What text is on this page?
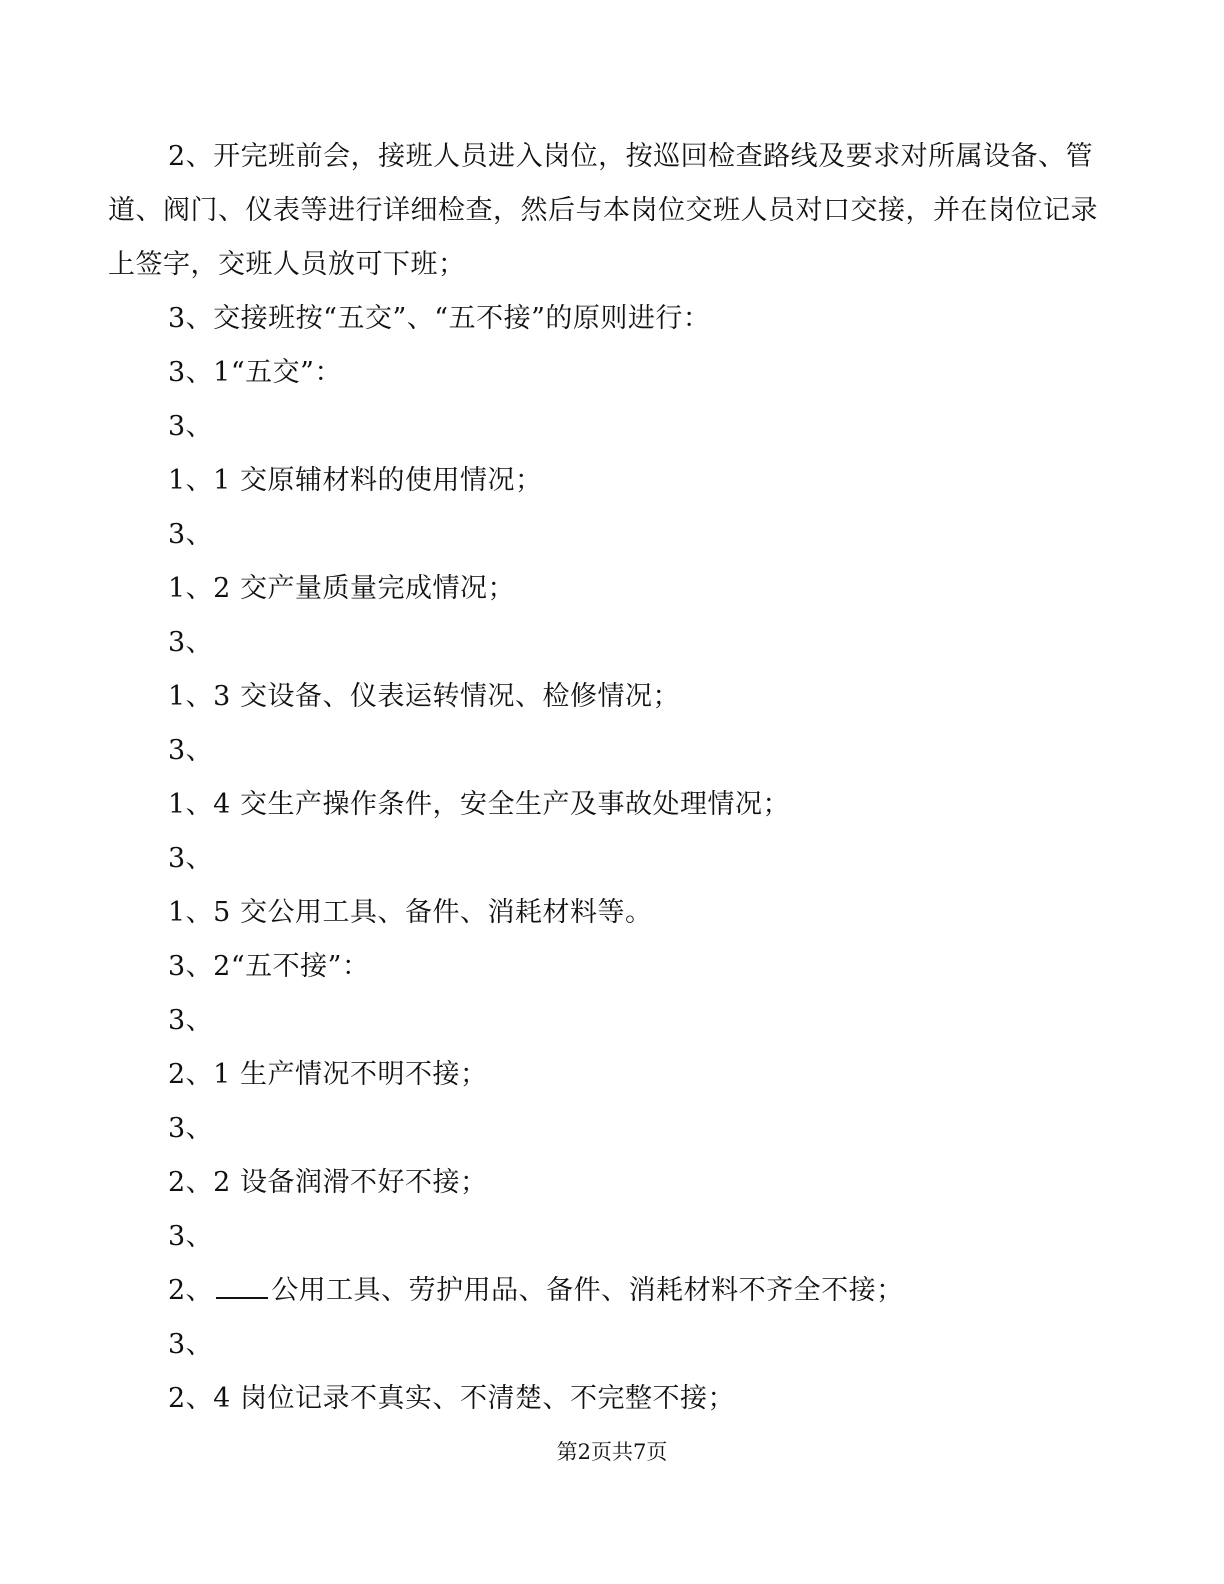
2、开完班前会，接班人员进入岗位，按巡回检查路线及要求对所属设备、管道、阀门、仪表等进行详细检查，然后与本岗位交班人员对口交接，并在岗位记录上签字，交班人员放可下班；

3、交接班按“五交”、“五不接”的原则进行：

3、1“五交”：

3、

1、1 交原辅材料的使用情况；

3、

1、2 交产量质量完成情况；

3、

1、3 交设备、仪表运转情况、检修情况；

3、

1、4 交生产操作条件，安全生产及事故处理情况；

3、

1、5 交公用工具、备件、消耗材料等。

3、2“五不接”：

3、

2、1 生产情况不明不接；

3、

2、2 设备润滑不好不接；

3、

2、 公用工具、劳护用品、备件、消耗材料不齐全不接；

3、

2、4 岗位记录不真实、不清楚、不完整不接；

第2页共7页
